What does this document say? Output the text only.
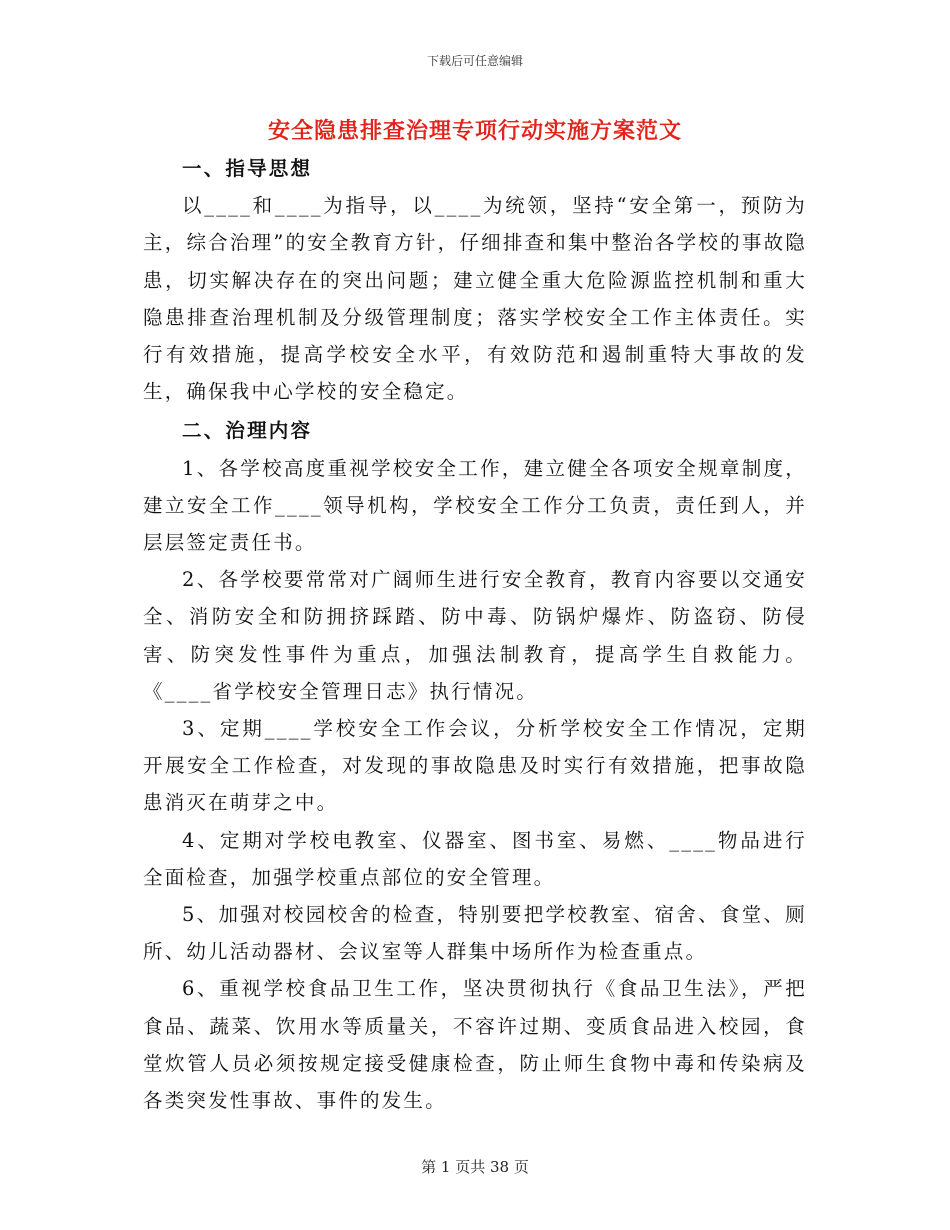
下载后可任意编辑
安全隐患排查治理专项行动实施方案范文

一、指导思想

以____和____为指导，以____为统领，坚持“安全第一，预防为主，综合治理”的安全教育方针，仔细排查和集中整治各学校的事故隐患，切实解决存在的突出问题；建立健全重大危险源监控机制和重大隐患排查治理机制及分级管理制度；落实学校安全工作主体责任。实行有效措施，提高学校安全水平，有效防范和遏制重特大事故的发生，确保我中心学校的安全稳定。

二、治理内容

1、各学校高度重视学校安全工作，建立健全各项安全规章制度，建立安全工作____领导机构，学校安全工作分工负责，责任到人，并层层签定责任书。

2、各学校要常常对广阔师生进行安全教育，教育内容要以交通安全、消防安全和防拥挤踩踏、防中毒、防锅炉爆炸、防盗窃、防侵害、防突发性事件为重点，加强法制教育，提高学生自救能力。《____省学校安全管理日志》执行情况。

3、定期____学校安全工作会议，分析学校安全工作情况，定期开展安全工作检查，对发现的事故隐患及时实行有效措施，把事故隐患消灭在萌芽之中。

4、定期对学校电教室、仪器室、图书室、易燃、____物品进行全面检查，加强学校重点部位的安全管理。

5、加强对校园校舍的检查，特别要把学校教室、宿舍、食堂、厕所、幼儿活动器材、会议室等人群集中场所作为检查重点。

6、重视学校食品卫生工作，坚决贯彻执行《食品卫生法》，严把食品、蔬菜、饮用水等质量关，不容许过期、变质食品进入校园，食堂炊管人员必须按规定接受健康检查，防止师生食物中毒和传染病及各类突发性事故、事件的发生。

第 1 页共 38 页
